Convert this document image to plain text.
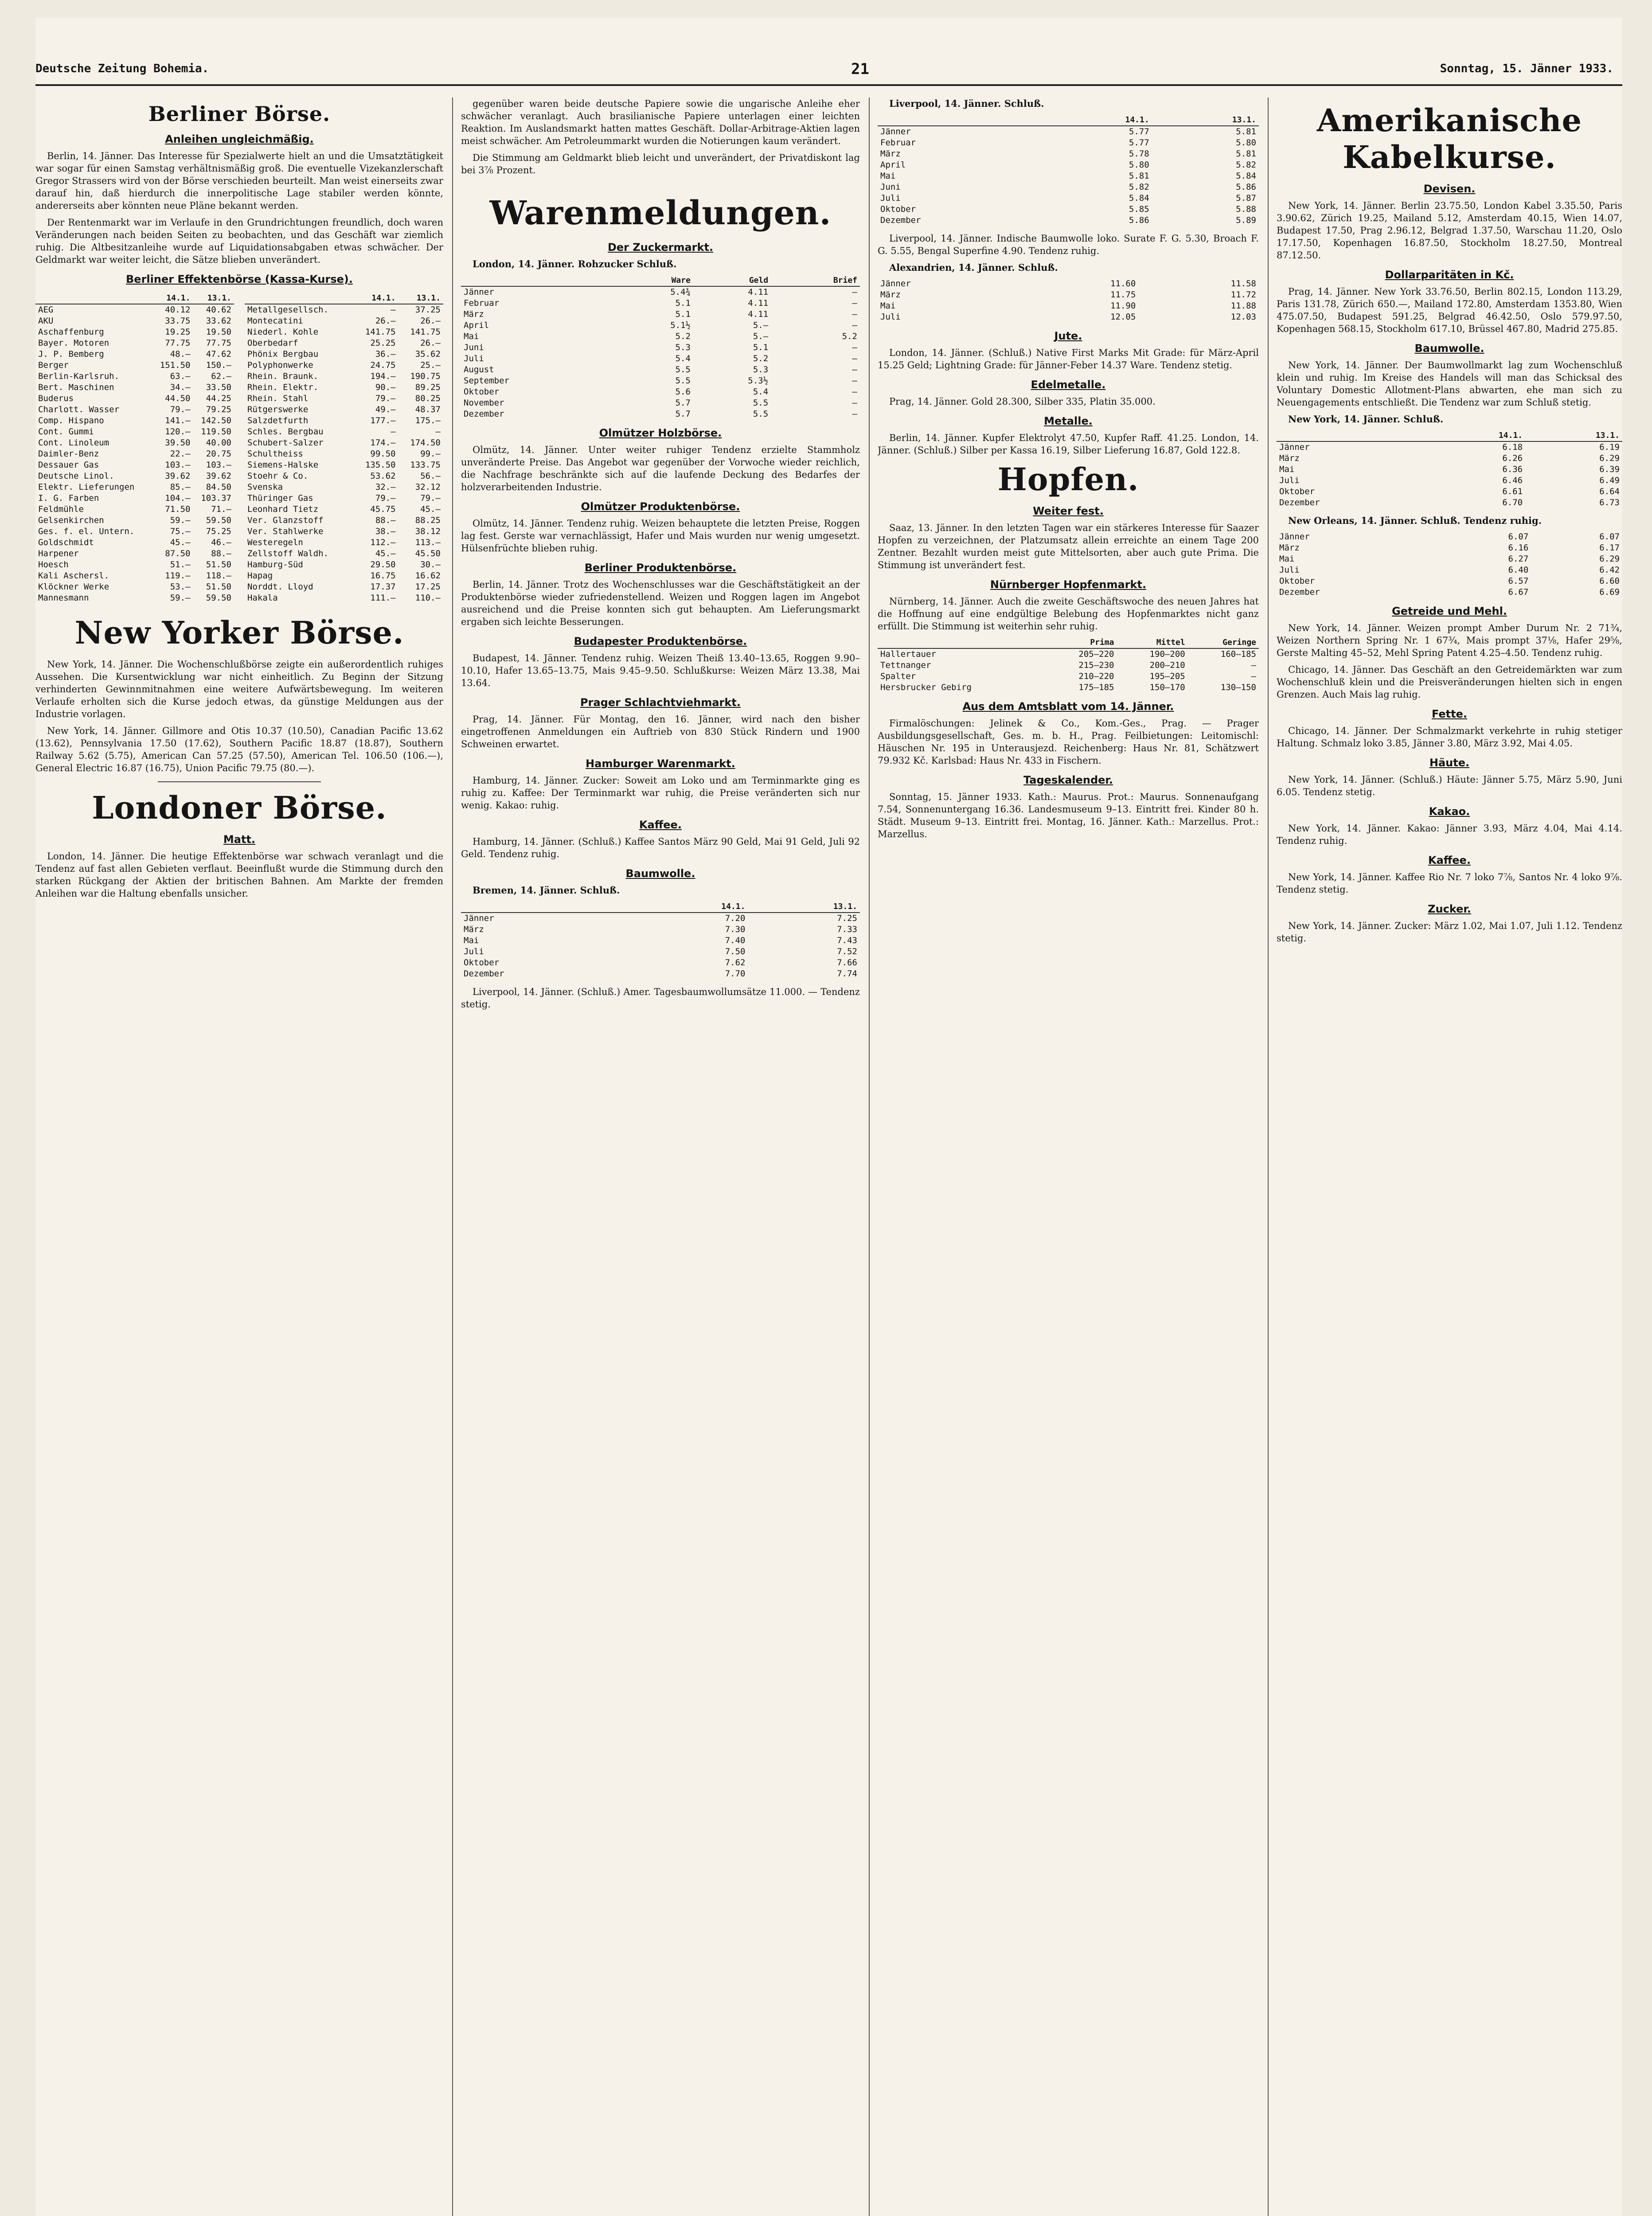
Deutsche Zeitung Bohemia.	21	Sonntag, 15. Jänner 1933.
Berliner Börse.
Anleihen ungleichmäßig.

Berlin, 14. Jänner. Das Interesse für Spezialwerte hielt an und die Umsatztätigkeit war sogar für einen Samstag verhältnismäßig groß. Die eventuelle Vizekanzlerschaft Gregor Strassers wird von der Börse verschieden beurteilt. Man weist einerseits zwar darauf hin, daß hierdurch die innerpolitische Lage stabiler werden könnte, andererseits aber könnten neue Pläne bekannt werden.

Der Rentenmarkt war im Verlaufe in den Grundrichtungen freundlich, doch waren Veränderungen nach beiden Seiten zu beobachten, und das Geschäft war ziemlich ruhig. Die Altbesitzanleihe wurde auf Liquidationsabgaben etwas schwächer. Der Geldmarkt war weiter leicht, die Sätze blieben unverändert.

Berliner Effektenbörse (Kassa-Kurse).
	14.1.	13.1.
AEG	40.12	40.62
AKU	33.75	33.62
Aschaffenburg	19.25	19.50
Bayer. Motoren	77.75	77.75
J. P. Bemberg	48.—	47.62
Berger	151.50	150.—
Berlin-Karlsruh.	63.—	62.—
Bert. Maschinen	34.—	33.50
Buderus	44.50	44.25
Charlott. Wasser	79.—	79.25
Comp. Hispano	141.—	142.50
Cont. Gummi	120.—	119.50
Cont. Linoleum	39.50	40.00
Daimler-Benz	22.—	20.75
Dessauer Gas	103.—	103.—
Deutsche Linol.	39.62	39.62
Elektr. Lieferungen	85.—	84.50
I. G. Farben	104.—	103.37
Feldmühle	71.50	71.—
Gelsenkirchen	59.—	59.50
Ges. f. el. Untern.	75.—	75.25
Goldschmidt	45.—	46.—
Harpener	87.50	88.—
Hoesch	51.—	51.50
Kali Aschersl.	119.—	118.—
Klöckner Werke	53.—	51.50
Mannesmann	59.—	59.50
	14.1.	13.1.
Metallgesellsch.	—	37.25
Montecatini	26.—	26.—
Niederl. Kohle	141.75	141.75
Oberbedarf	25.25	26.—
Phönix Bergbau	36.—	35.62
Polyphonwerke	24.75	25.—
Rhein. Braunk.	194.—	190.75
Rhein. Elektr.	90.—	89.25
Rhein. Stahl	79.—	80.25
Rütgerswerke	49.—	48.37
Salzdetfurth	177.—	175.—
Schles. Bergbau	—	—
Schubert-Salzer	174.—	174.50
Schultheiss	99.50	99.—
Siemens-Halske	135.50	133.75
Stoehr & Co.	53.62	56.—
Svenska	32.—	32.12
Thüringer Gas	79.—	79.—
Leonhard Tietz	45.75	45.—
Ver. Glanzstoff	88.—	88.25
Ver. Stahlwerke	38.—	38.12
Westeregeln	112.—	113.—
Zellstoff Waldh.	45.—	45.50
Hamburg-Süd	29.50	30.—
Hapag	16.75	16.62
Norddt. Lloyd	17.37	17.25
Hakala	111.—	110.—
New Yorker Börse.

New York, 14. Jänner. Die Wochenschlußbörse zeigte ein außerordentlich ruhiges Aussehen. Die Kursentwicklung war nicht einheitlich. Zu Beginn der Sitzung verhinderten Gewinnmitnahmen eine weitere Aufwärtsbewegung. Im weiteren Verlaufe erholten sich die Kurse jedoch etwas, da günstige Meldungen aus der Industrie vorlagen.

New York, 14. Jänner. Gillmore and Otis 10.37 (10.50), Canadian Pacific 13.62 (13.62), Pennsylvania 17.50 (17.62), Southern Pacific 18.87 (18.87), Southern Railway 5.62 (5.75), American Can 57.25 (57.50), American Tel. 106.50 (106.—), General Electric 16.87 (16.75), Union Pacific 79.75 (80.—).

Londoner Börse.
Matt.

London, 14. Jänner. Die heutige Effektenbörse war schwach veranlagt und die Tendenz auf fast allen Gebieten verflaut. Beeinflußt wurde die Stimmung durch den starken Rückgang der Aktien der britischen Bahnen. Am Markte der fremden Anleihen war die Haltung ebenfalls unsicher.

gegenüber waren beide deutsche Papiere sowie die ungarische Anleihe eher schwächer veranlagt. Auch brasilianische Papiere unterlagen einer leichten Reaktion. Im Auslandsmarkt hatten mattes Geschäft. Dollar-Arbitrage-Aktien lagen meist schwächer. Am Petroleummarkt wurden die Notierungen kaum verändert.

Die Stimmung am Geldmarkt blieb leicht und unverändert, der Privatdiskont lag bei 3⅞ Prozent.

Warenmeldungen.
Der Zuckermarkt.

London, 14. Jänner. Rohzucker Schluß.

	Ware	Geld	Brief
Jänner	5.4¾	4.11	—
Februar	5.1	4.11	—
März	5.1	4.11	—
April	5.1½	5.—	—
Mai	5.2	5.—	5.2
Juni	5.3	5.1	—
Juli	5.4	5.2	—
August	5.5	5.3	—
September	5.5	5.3½	—
Oktober	5.6	5.4	—
November	5.7	5.5	—
Dezember	5.7	5.5	—
Olmützer Holzbörse.

Olmütz, 14. Jänner. Unter weiter ruhiger Tendenz erzielte Stammholz unveränderte Preise. Das Angebot war gegenüber der Vorwoche wieder reichlich, die Nachfrage beschränkte sich auf die laufende Deckung des Bedarfes der holzverarbeitenden Industrie.

Olmützer Produktenbörse.

Olmütz, 14. Jänner. Tendenz ruhig. Weizen behauptete die letzten Preise, Roggen lag fest. Gerste war vernachlässigt, Hafer und Mais wurden nur wenig umgesetzt. Hülsenfrüchte blieben ruhig.

Berliner Produktenbörse.

Berlin, 14. Jänner. Trotz des Wochenschlusses war die Geschäftstätigkeit an der Produktenbörse wieder zufriedenstellend. Weizen und Roggen lagen im Angebot ausreichend und die Preise konnten sich gut behaupten. Am Lieferungsmarkt ergaben sich leichte Besserungen.

Budapester Produktenbörse.

Budapest, 14. Jänner. Tendenz ruhig. Weizen Theiß 13.40–13.65, Roggen 9.90–10.10, Hafer 13.65–13.75, Mais 9.45–9.50. Schlußkurse: Weizen März 13.38, Mai 13.64.

Prager Schlachtviehmarkt.

Prag, 14. Jänner. Für Montag, den 16. Jänner, wird nach den bisher eingetroffenen Anmeldungen ein Auftrieb von 830 Stück Rindern und 1900 Schweinen erwartet.

Hamburger Warenmarkt.

Hamburg, 14. Jänner. Zucker: Soweit am Loko und am Terminmarkte ging es ruhig zu. Kaffee: Der Terminmarkt war ruhig, die Preise veränderten sich nur wenig. Kakao: ruhig.

Kaffee.

Hamburg, 14. Jänner. (Schluß.) Kaffee Santos März 90 Geld, Mai 91 Geld, Juli 92 Geld. Tendenz ruhig.

Baumwolle.

Bremen, 14. Jänner. Schluß.

	14.1.	13.1.
Jänner	7.20	7.25
März	7.30	7.33
Mai	7.40	7.43
Juli	7.50	7.52
Oktober	7.62	7.66
Dezember	7.70	7.74

Liverpool, 14. Jänner. (Schluß.) Amer. Tagesbaumwollumsätze 11.000. — Tendenz stetig.

Liverpool, 14. Jänner. Schluß.

	14.1.	13.1.
Jänner	5.77	5.81
Februar	5.77	5.80
März	5.78	5.81
April	5.80	5.82
Mai	5.81	5.84
Juni	5.82	5.86
Juli	5.84	5.87
Oktober	5.85	5.88
Dezember	5.86	5.89

Liverpool, 14. Jänner. Indische Baumwolle loko. Surate F. G. 5.30, Broach F. G. 5.55, Bengal Superfine 4.90. Tendenz ruhig.

Alexandrien, 14. Jänner. Schluß.

Jänner	11.60	11.58
März	11.75	11.72
Mai	11.90	11.88
Juli	12.05	12.03
Jute.

London, 14. Jänner. (Schluß.) Native First Marks Mit Grade: für März-April 15.25 Geld; Lightning Grade: für Jänner-Feber 14.37 Ware. Tendenz stetig.

Edelmetalle.

Prag, 14. Jänner. Gold 28.300, Silber 335, Platin 35.000.

Metalle.

Berlin, 14. Jänner. Kupfer Elektrolyt 47.50, Kupfer Raff. 41.25. London, 14. Jänner. (Schluß.) Silber per Kassa 16.19, Silber Lieferung 16.87, Gold 122.8.

Hopfen.
Weiter fest.

Saaz, 13. Jänner. In den letzten Tagen war ein stärkeres Interesse für Saazer Hopfen zu verzeichnen, der Platzumsatz allein erreichte an einem Tage 200 Zentner. Bezahlt wurden meist gute Mittelsorten, aber auch gute Prima. Die Stimmung ist unverändert fest.

Nürnberger Hopfenmarkt.

Nürnberg, 14. Jänner. Auch die zweite Geschäftswoche des neuen Jahres hat die Hoffnung auf eine endgültige Belebung des Hopfenmarktes nicht ganz erfüllt. Die Stimmung ist weiterhin sehr ruhig.

	Prima	Mittel	Geringe
Hallertauer	205–220	190–200	160–185
Tettnanger	215–230	200–210	—
Spalter	210–220	195–205	—
Hersbrucker Gebirg	175–185	150–170	130–150
Aus dem Amtsblatt vom 14. Jänner.

Firmalöschungen: Jelinek & Co., Kom.-Ges., Prag. — Prager Ausbildungsgesellschaft, Ges. m. b. H., Prag. Feilbietungen: Leitomischl: Häuschen Nr. 195 in Unterausjezd. Reichenberg: Haus Nr. 81, Schätzwert 79.932 Kč. Karlsbad: Haus Nr. 433 in Fischern.

Tageskalender.

Sonntag, 15. Jänner 1933. Kath.: Maurus. Prot.: Maurus. Sonnenaufgang 7.54, Sonnenuntergang 16.36. Landesmuseum 9–13. Eintritt frei. Kinder 80 h. Städt. Museum 9–13. Eintritt frei. Montag, 16. Jänner. Kath.: Marzellus. Prot.: Marzellus.

Amerikanische Kabelkurse.
Devisen.

New York, 14. Jänner. Berlin 23.75.50, London Kabel 3.35.50, Paris 3.90.62, Zürich 19.25, Mailand 5.12, Amsterdam 40.15, Wien 14.07, Budapest 17.50, Prag 2.96.12, Belgrad 1.37.50, Warschau 11.20, Oslo 17.17.50, Kopenhagen 16.87.50, Stockholm 18.27.50, Montreal 87.12.50.

Dollarparitäten in Kč.

Prag, 14. Jänner. New York 33.76.50, Berlin 802.15, London 113.29, Paris 131.78, Zürich 650.—, Mailand 172.80, Amsterdam 1353.80, Wien 475.07.50, Budapest 591.25, Belgrad 46.42.50, Oslo 579.97.50, Kopenhagen 568.15, Stockholm 617.10, Brüssel 467.80, Madrid 275.85.

Baumwolle.

New York, 14. Jänner. Der Baumwollmarkt lag zum Wochenschluß klein und ruhig. Im Kreise des Handels will man das Schicksal des Voluntary Domestic Allotment-Plans abwarten, ehe man sich zu Neuengagements entschließt. Die Tendenz war zum Schluß stetig.

New York, 14. Jänner. Schluß.

	14.1.	13.1.
Jänner	6.18	6.19
März	6.26	6.29
Mai	6.36	6.39
Juli	6.46	6.49
Oktober	6.61	6.64
Dezember	6.70	6.73

New Orleans, 14. Jänner. Schluß. Tendenz ruhig.

Jänner	6.07	6.07
März	6.16	6.17
Mai	6.27	6.29
Juli	6.40	6.42
Oktober	6.57	6.60
Dezember	6.67	6.69
Getreide und Mehl.

New York, 14. Jänner. Weizen prompt Amber Durum Nr. 2 71¾, Weizen Northern Spring Nr. 1 67¾, Mais prompt 37⅛, Hafer 29⅝, Gerste Malting 45–52, Mehl Spring Patent 4.25–4.50. Tendenz ruhig.

Chicago, 14. Jänner. Das Geschäft an den Getreidemärkten war zum Wochenschluß klein und die Preisveränderungen hielten sich in engen Grenzen. Auch Mais lag ruhig.

Fette.

Chicago, 14. Jänner. Der Schmalzmarkt verkehrte in ruhig stetiger Haltung. Schmalz loko 3.85, Jänner 3.80, März 3.92, Mai 4.05.

Häute.

New York, 14. Jänner. (Schluß.) Häute: Jänner 5.75, März 5.90, Juni 6.05. Tendenz stetig.

Kakao.

New York, 14. Jänner. Kakao: Jänner 3.93, März 4.04, Mai 4.14. Tendenz ruhig.

Kaffee.

New York, 14. Jänner. Kaffee Rio Nr. 7 loko 7⅞, Santos Nr. 4 loko 9⅞. Tendenz stetig.

Zucker.

New York, 14. Jänner. Zucker: März 1.02, Mai 1.07, Juli 1.12. Tendenz stetig.
